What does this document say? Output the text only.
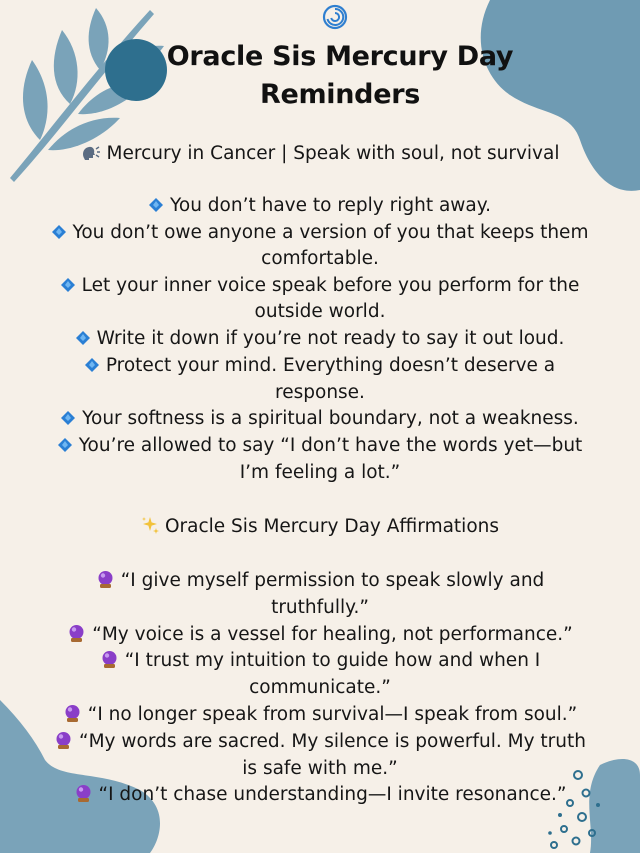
Oracle Sis Mercury Day
Reminders
Mercury in Cancer | Speak with soul, not survival
You don’t have to reply right away.
You don’t owe anyone a version of you that keeps them
comfortable.
Let your inner voice speak before you perform for the
outside world.
Write it down if you’re not ready to say it out loud.
Protect your mind. Everything doesn’t deserve a
response.
Your softness is a spiritual boundary, not a weakness.
You’re allowed to say “I don’t have the words yet—but
I’m feeling a lot.”
Oracle Sis Mercury Day Affirmations
“I give myself permission to speak slowly and
truthfully.”
“My voice is a vessel for healing, not performance.”
“I trust my intuition to guide how and when I
communicate.”
“I no longer speak from survival—I speak from soul.”
“My words are sacred. My silence is powerful. My truth
is safe with me.”
“I don’t chase understanding—I invite resonance.”
